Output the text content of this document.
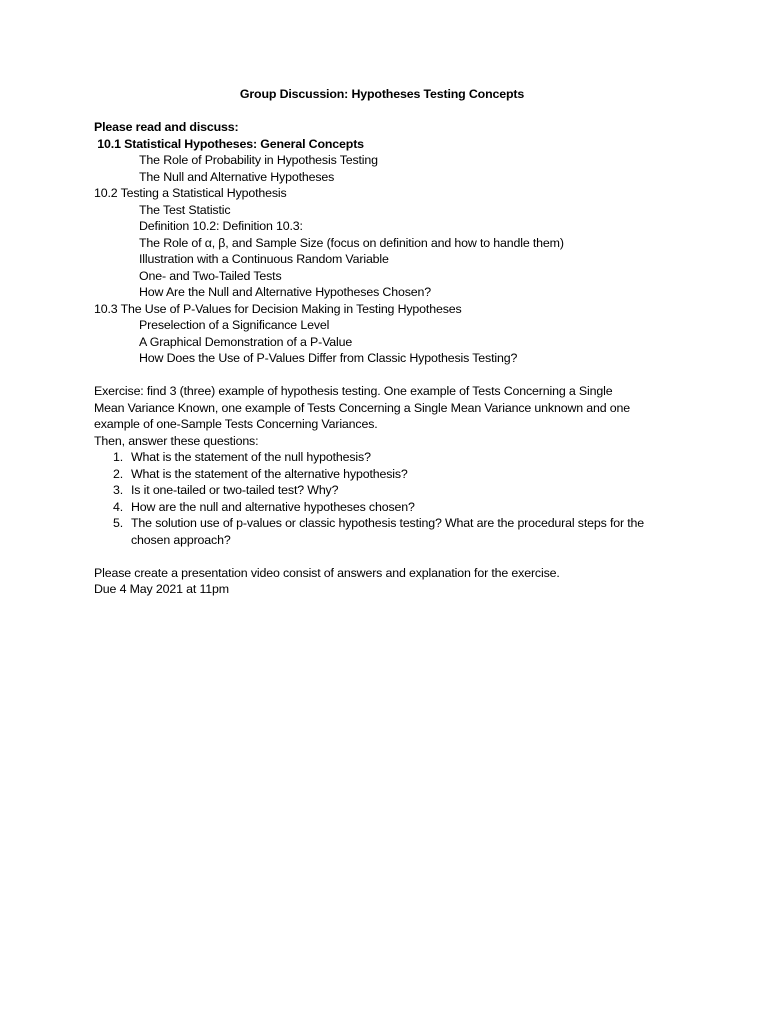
Group Discussion: Hypotheses Testing Concepts
Please read and discuss:
10.1 Statistical Hypotheses: General Concepts
The Role of Probability in Hypothesis Testing
The Null and Alternative Hypotheses
10.2 Testing a Statistical Hypothesis
The Test Statistic
Definition 10.2: Definition 10.3:
The Role of α, β, and Sample Size (focus on definition and how to handle them)
Illustration with a Continuous Random Variable
One- and Two-Tailed Tests
How Are the Null and Alternative Hypotheses Chosen?
10.3 The Use of P-Values for Decision Making in Testing Hypotheses
Preselection of a Significance Level
A Graphical Demonstration of a P-Value
How Does the Use of P-Values Differ from Classic Hypothesis Testing?
Exercise: find 3 (three) example of hypothesis testing. One example of Tests Concerning a Single
Mean Variance Known, one example of Tests Concerning a Single Mean Variance unknown and one
example of one-Sample Tests Concerning Variances.
Then, answer these questions:
1. What is the statement of the null hypothesis?
2. What is the statement of the alternative hypothesis?
3. Is it one-tailed or two-tailed test? Why?
4. How are the null and alternative hypotheses chosen?
5. The solution use of p-values or classic hypothesis testing? What are the procedural steps for the chosen approach?
Please create a presentation video consist of answers and explanation for the exercise.
Due 4 May 2021 at 11pm
